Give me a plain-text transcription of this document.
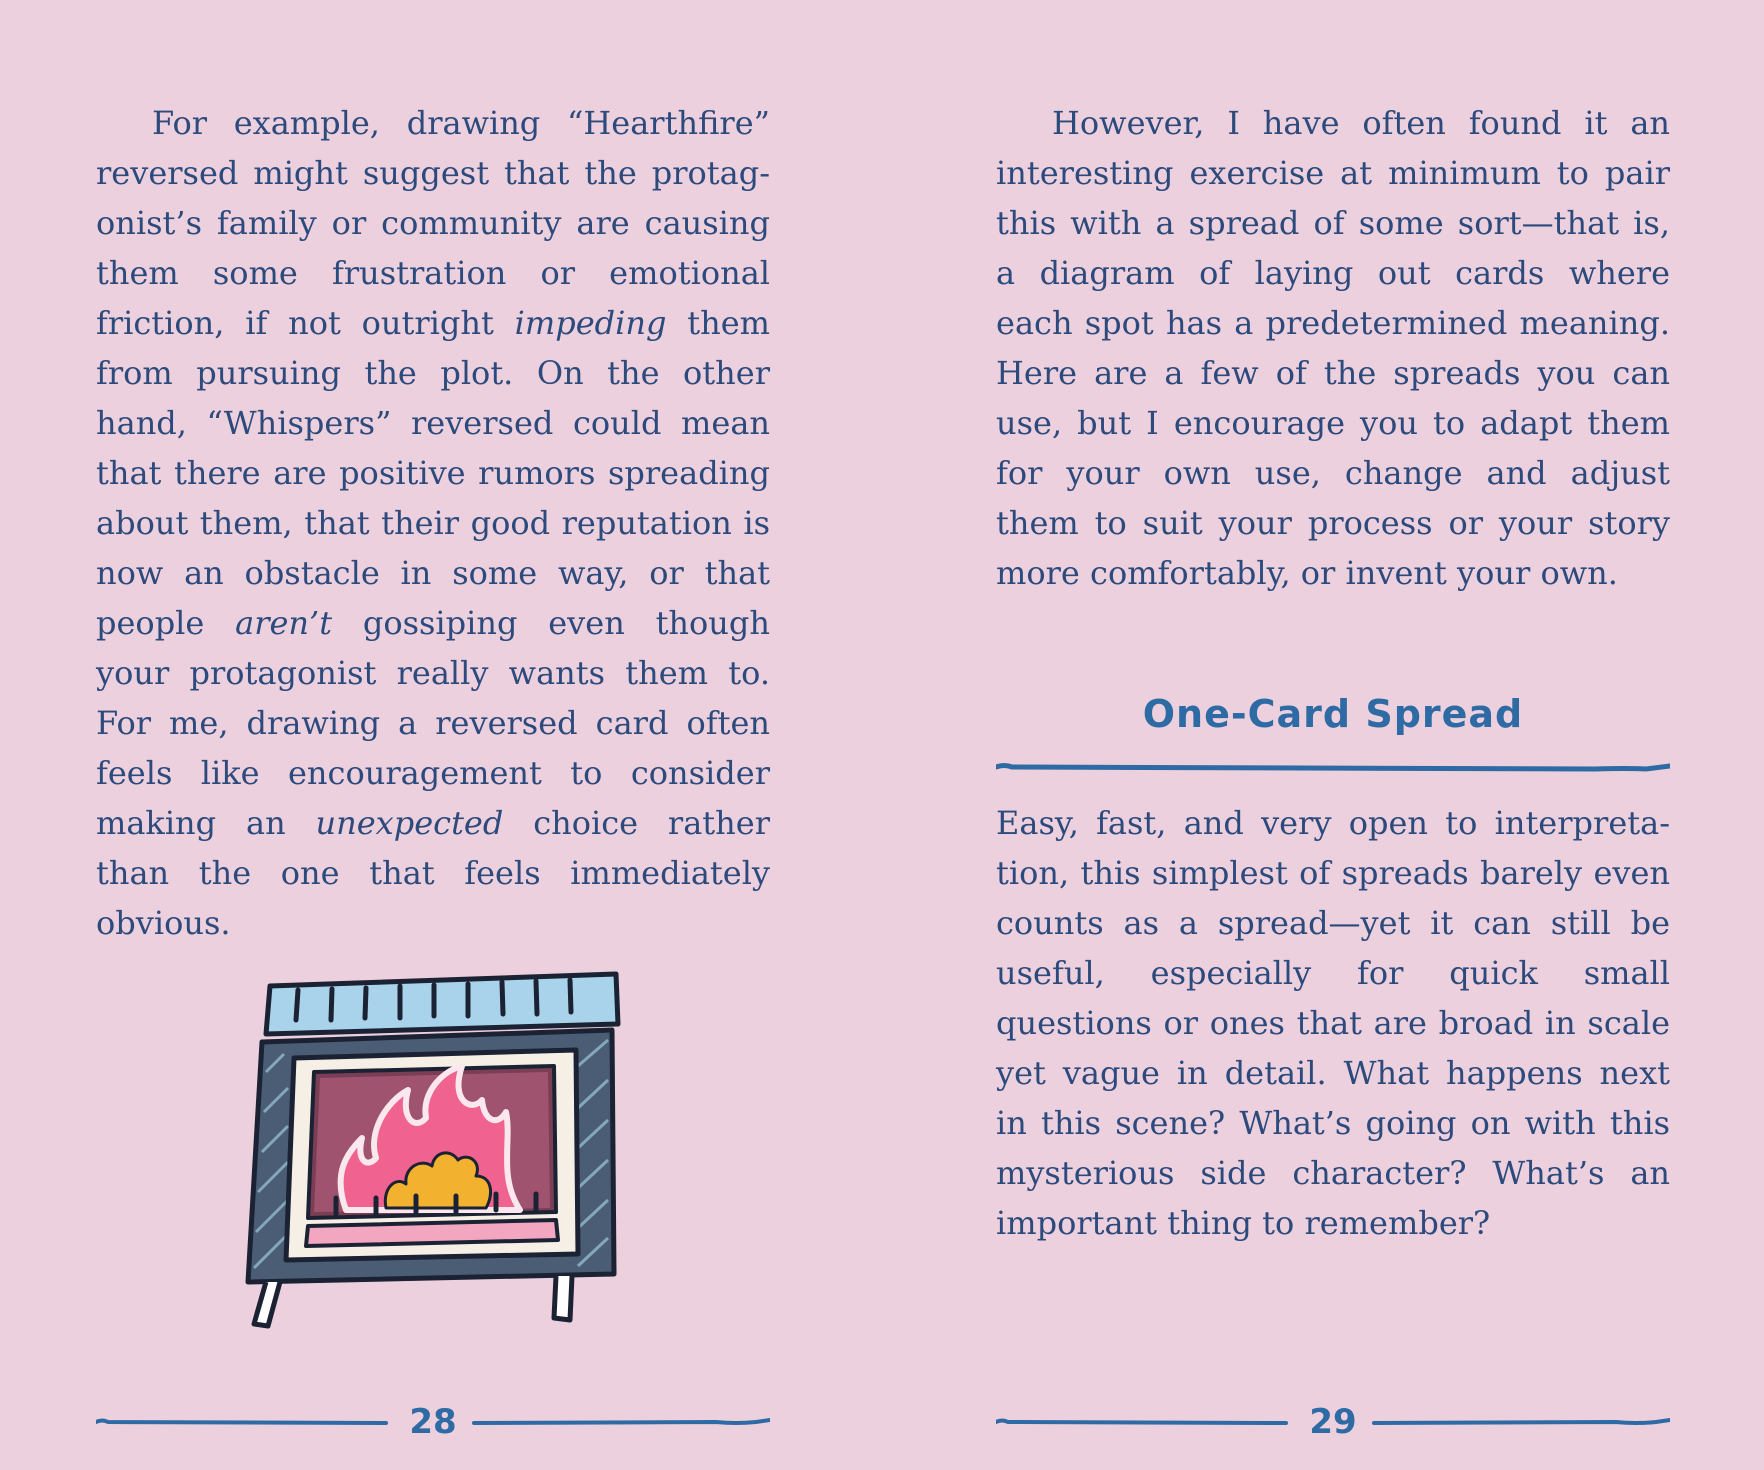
For example, drawing “Hearthfire” reversed might suggest that the protagonist’s family or community are causing them some frustration or emotional friction, if not outright impeding them from pursuing the plot. On the other hand, “Whispers” reversed could mean that there are positive rumors spreading about them, that their good reputation is now an obstacle in some way, or that people aren’t gossiping even though your protagonist really wants them to. For me, drawing a reversed card often feels like encouragement to consider making an unexpected choice rather than the one that feels immediately obvious.

28

However, I have often found it an interesting exercise at minimum to pair this with a spread of some sort—that is, a diagram of laying out cards where each spot has a predetermined meaning. Here are a few of the spreads you can use, but I encourage you to adapt them for your own use, change and adjust them to suit your process or your story more comfortably, or invent your own.

One-Card Spread

Easy, fast, and very open to interpretation, this simplest of spreads barely even counts as a spread—yet it can still be useful, especially for quick small questions or ones that are broad in scale yet vague in detail. What happens next in this scene? What’s going on with this mysterious side character? What’s an important thing to remember?

29
